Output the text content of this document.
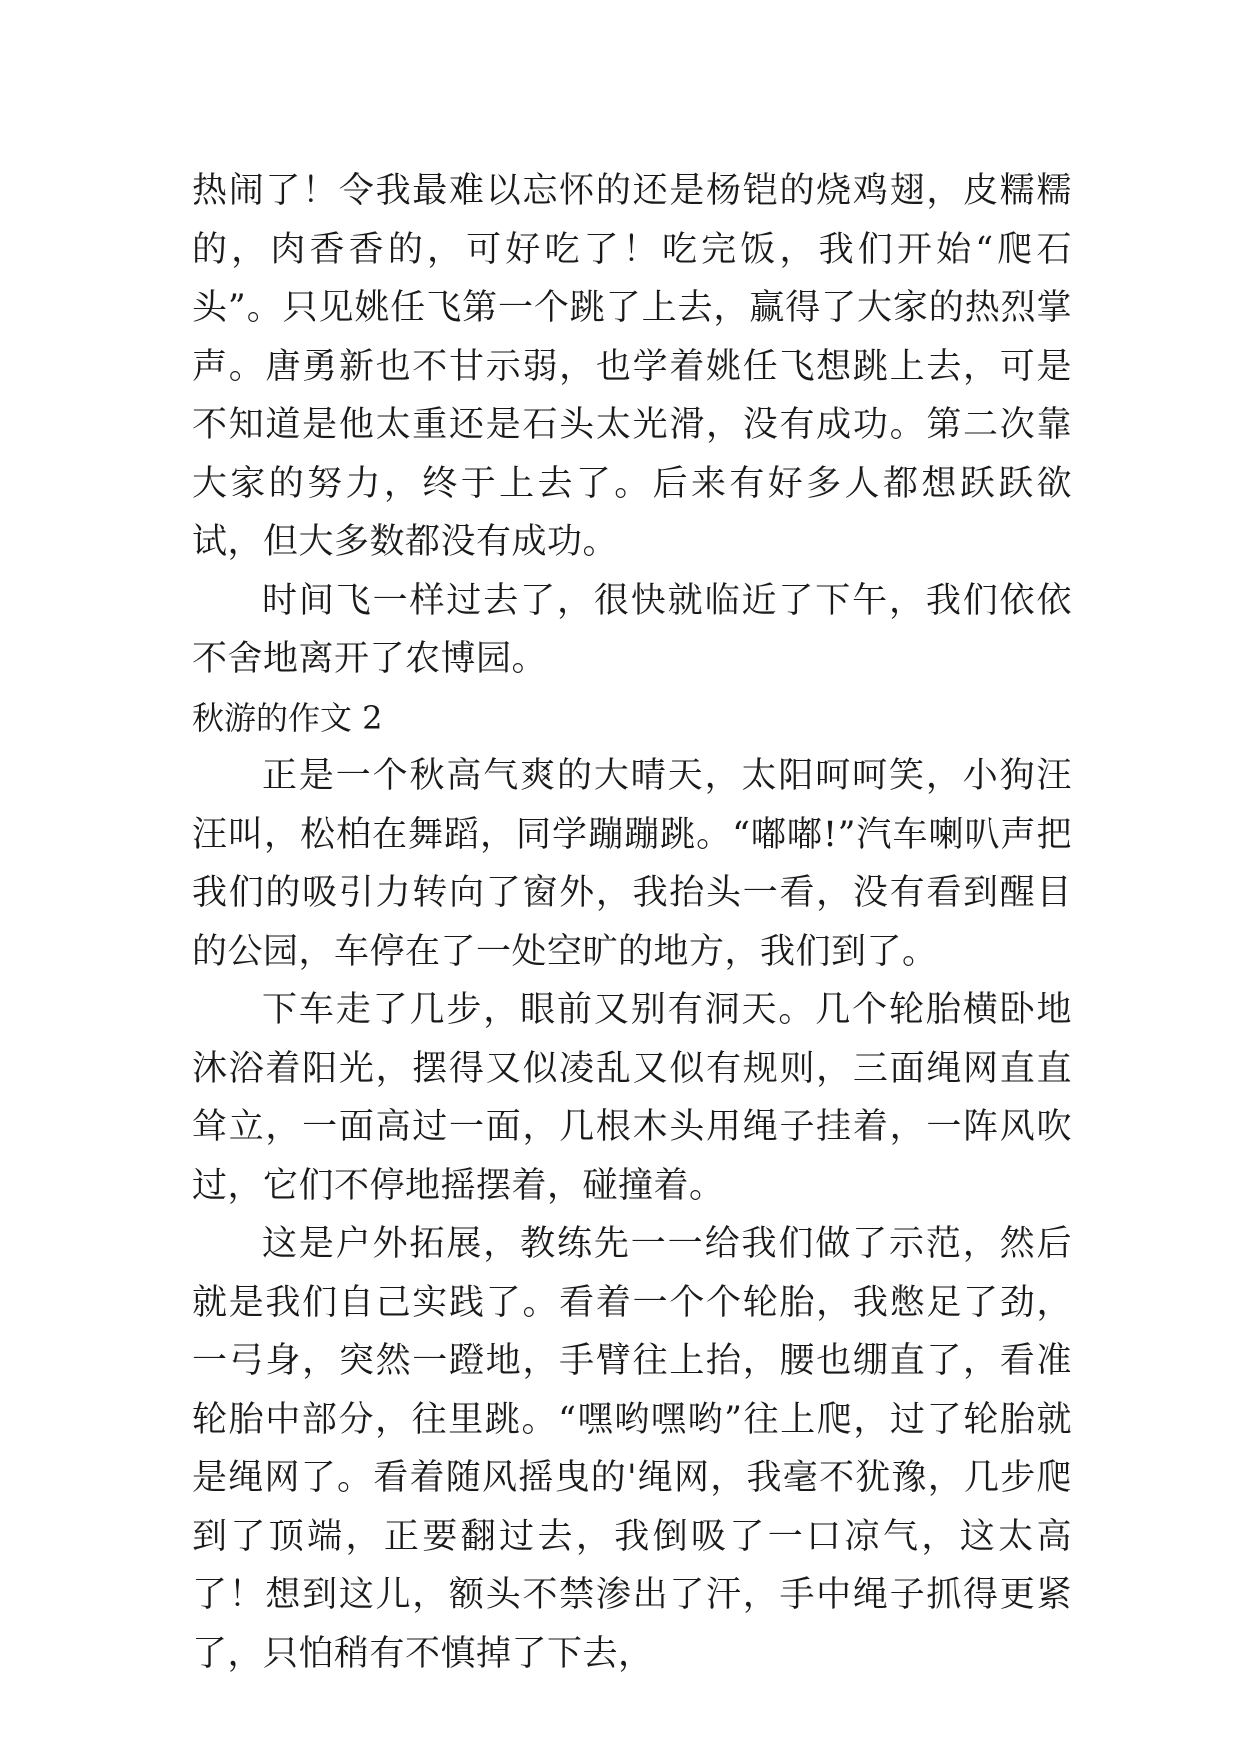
热闹了！令我最难以忘怀的还是杨铠的烧鸡翅，皮糯糯的，肉香香的，可好吃了！吃完饭，我们开始“爬石头”。只见姚任飞第一个跳了上去，赢得了大家的热烈掌声。唐勇新也不甘示弱，也学着姚任飞想跳上去，可是不知道是他太重还是石头太光滑，没有成功。第二次靠大家的努力，终于上去了。后来有好多人都想跃跃欲试，但大多数都没有成功。

时间飞一样过去了，很快就临近了下午，我们依依不舍地离开了农博园。

秋游的作文 2

正是一个秋高气爽的大晴天，太阳呵呵笑，小狗汪汪叫，松柏在舞蹈，同学蹦蹦跳。“嘟嘟!”汽车喇叭声把我们的吸引力转向了窗外，我抬头一看，没有看到醒目的公园，车停在了一处空旷的地方，我们到了。

下车走了几步，眼前又别有洞天。几个轮胎横卧地沐浴着阳光，摆得又似凌乱又似有规则，三面绳网直直耸立，一面高过一面，几根木头用绳子挂着，一阵风吹过，它们不停地摇摆着，碰撞着。

这是户外拓展，教练先一一给我们做了示范，然后就是我们自己实践了。看着一个个轮胎，我憋足了劲，一弓身，突然一蹬地，手臂往上抬，腰也绷直了，看准轮胎中部分，往里跳。“嘿哟嘿哟”往上爬，过了轮胎就是绳网了。看着随风摇曳的'绳网，我毫不犹豫，几步爬到了顶端，正要翻过去，我倒吸了一口凉气，这太高了！想到这儿，额头不禁渗出了汗，手中绳子抓得更紧了，只怕稍有不慎掉了下去，
